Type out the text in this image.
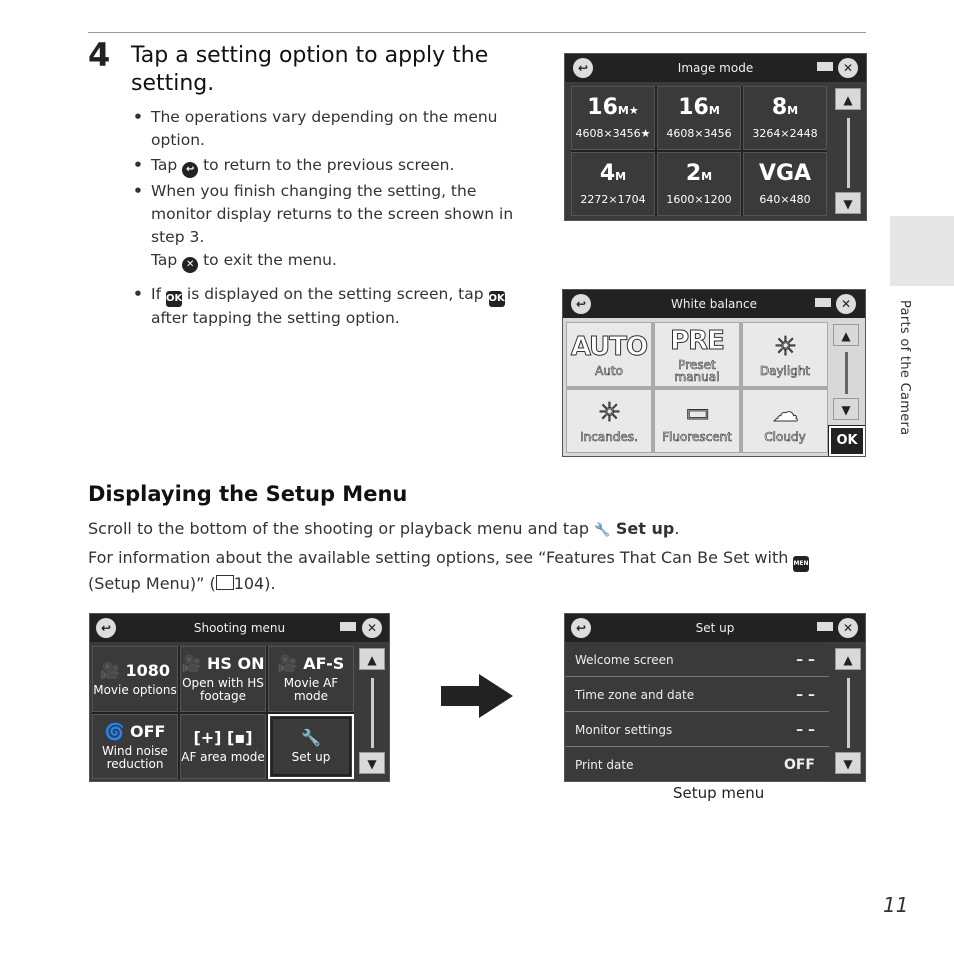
4 Tap a setting option to apply the setting.
• The operations vary depending on the menu option.
• Tap ↩ to return to the previous screen.
• When you finish changing the setting, the monitor display returns to the screen shown in step 3.
Tap ✕ to exit the menu.
• If OK is displayed on the setting screen, tap OK after tapping the setting option.
Image mode
↩	✕
16M★
4608×3456★
16M
4608×3456
8M
3264×2448
4M
2272×1704
2M
1600×1200
VGA
640×480
▲
▼
White balance
↩	✕
AUTO
Auto
PRE
Preset manual
☼
Daylight
☼
Incandes.
▭
Fluorescent
☁
Cloudy
▲
▼
OK
Parts of the Camera
Displaying the Setup Menu
Scroll to the bottom of the shooting or playback menu and tap 🔧 Set up.
For information about the available setting options, see “Features That Can Be Set with MENU (Setup Menu)” ( 104).
Shooting menu
↩	✕
🎥 1080
Movie options
🎥 HS ON
Open with HS footage
🎥 AF-S
Movie AF mode
🌀 OFF
Wind noise reduction
[+] [▪]
AF area mode
🔧
Set up
▲
▼
Set up
↩	✕
Welcome screen	– –
Time zone and date	– –
Monitor settings	– –
Print date	OFF
▲
▼
Setup menu
11
